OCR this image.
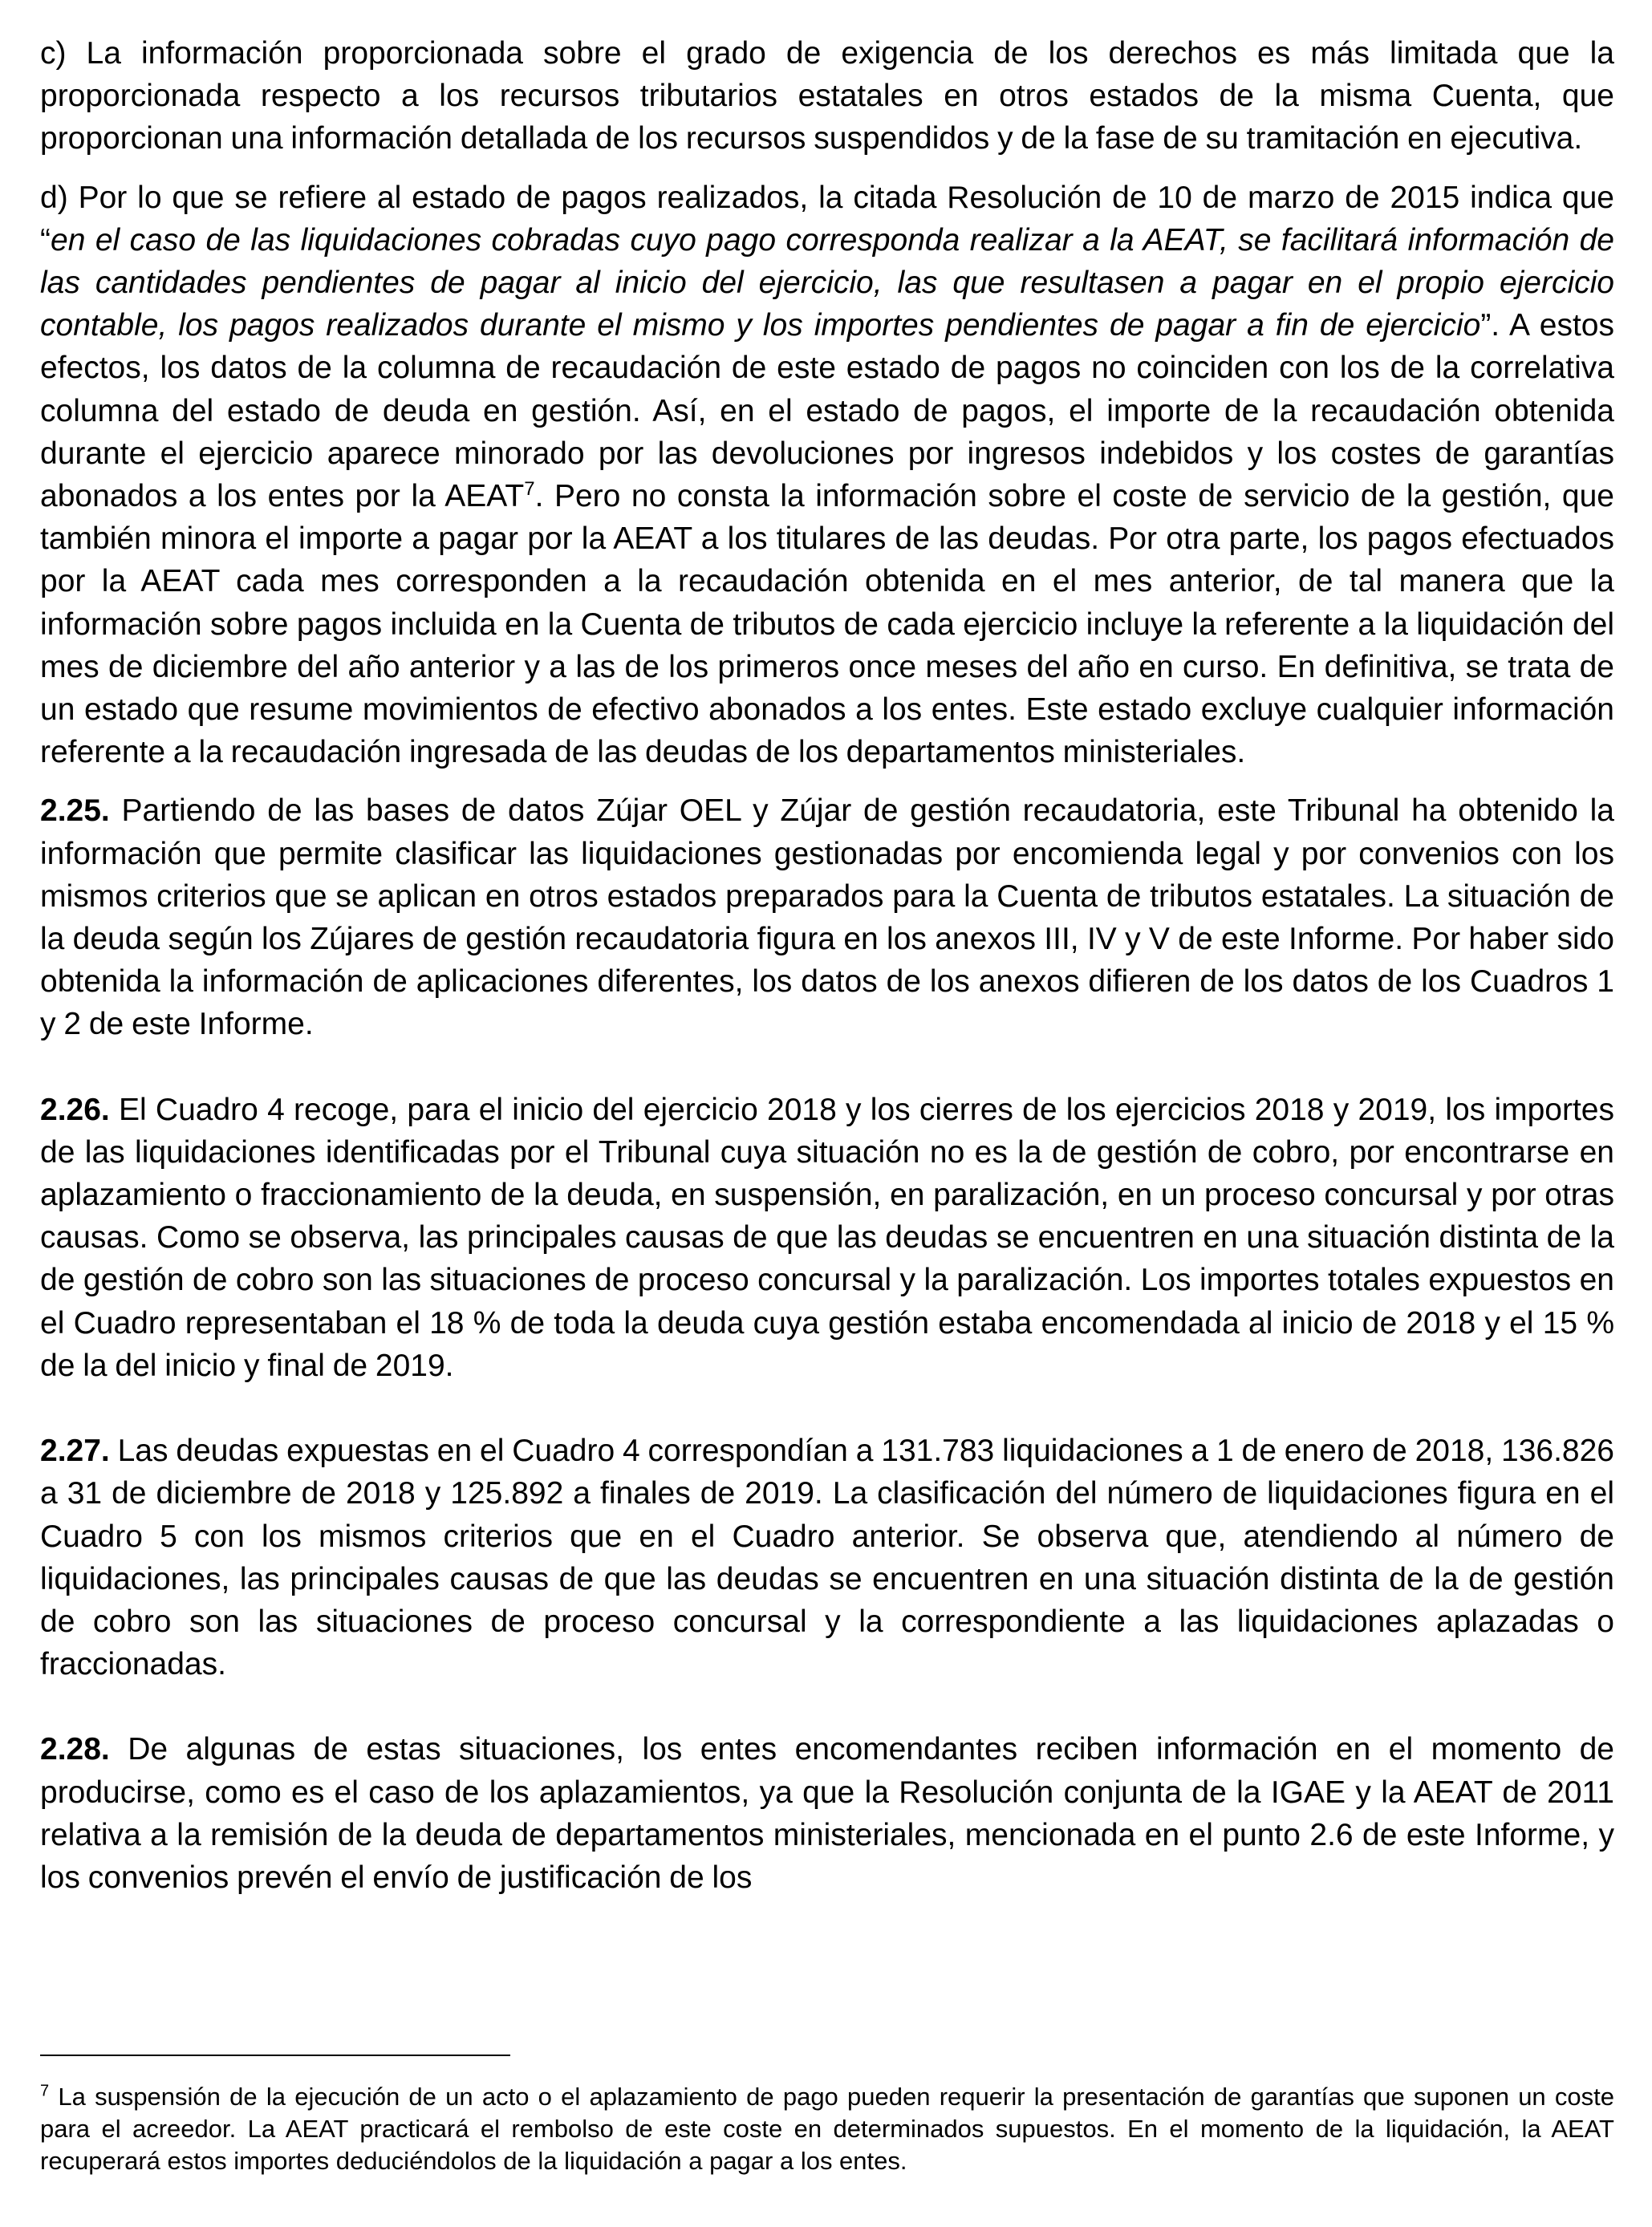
c) La información proporcionada sobre el grado de exigencia de los derechos es más limitada que la proporcionada respecto a los recursos tributarios estatales en otros estados de la misma Cuenta, que proporcionan una información detallada de los recursos suspendidos y de la fase de su tramitación en ejecutiva.

d) Por lo que se refiere al estado de pagos realizados, la citada Resolución de 10 de marzo de 2015 indica que “en el caso de las liquidaciones cobradas cuyo pago corresponda realizar a la AEAT, se facilitará información de las cantidades pendientes de pagar al inicio del ejercicio, las que resultasen a pagar en el propio ejercicio contable, los pagos realizados durante el mismo y los importes pendientes de pagar a fin de ejercicio”. A estos efectos, los datos de la columna de recaudación de este estado de pagos no coinciden con los de la correlativa columna del estado de deuda en gestión. Así, en el estado de pagos, el importe de la recaudación obtenida durante el ejercicio aparece minorado por las devoluciones por ingresos indebidos y los costes de garantías abonados a los entes por la AEAT$^7$. Pero no consta la información sobre el coste de servicio de la gestión, que también minora el importe a pagar por la AEAT a los titulares de las deudas. Por otra parte, los pagos efectuados por la AEAT cada mes corresponden a la recaudación obtenida en el mes anterior, de tal manera que la información sobre pagos incluida en la Cuenta de tributos de cada ejercicio incluye la referente a la liquidación del mes de diciembre del año anterior y a las de los primeros once meses del año en curso. En definitiva, se trata de un estado que resume movimientos de efectivo abonados a los entes. Este estado excluye cualquier información referente a la recaudación ingresada de las deudas de los departamentos ministeriales.

2.25. Partiendo de las bases de datos Zújar OEL y Zújar de gestión recaudatoria, este Tribunal ha obtenido la información que permite clasificar las liquidaciones gestionadas por encomienda legal y por convenios con los mismos criterios que se aplican en otros estados preparados para la Cuenta de tributos estatales. La situación de la deuda según los Zújares de gestión recaudatoria figura en los anexos III, IV y V de este Informe. Por haber sido obtenida la información de aplicaciones diferentes, los datos de los anexos difieren de los datos de los Cuadros 1 y 2 de este Informe.

2.26. El Cuadro 4 recoge, para el inicio del ejercicio 2018 y los cierres de los ejercicios 2018 y 2019, los importes de las liquidaciones identificadas por el Tribunal cuya situación no es la de gestión de cobro, por encontrarse en aplazamiento o fraccionamiento de la deuda, en suspensión, en paralización, en un proceso concursal y por otras causas. Como se observa, las principales causas de que las deudas se encuentren en una situación distinta de la de gestión de cobro son las situaciones de proceso concursal y la paralización. Los importes totales expuestos en el Cuadro representaban el 18 % de toda la deuda cuya gestión estaba encomendada al inicio de 2018 y el 15 % de la del inicio y final de 2019.

2.27. Las deudas expuestas en el Cuadro 4 correspondían a 131.783 liquidaciones a 1 de enero de 2018, 136.826 a 31 de diciembre de 2018 y 125.892 a finales de 2019. La clasificación del número de liquidaciones figura en el Cuadro 5 con los mismos criterios que en el Cuadro anterior. Se observa que, atendiendo al número de liquidaciones, las principales causas de que las deudas se encuentren en una situación distinta de la de gestión de cobro son las situaciones de proceso concursal y la correspondiente a las liquidaciones aplazadas o fraccionadas.

2.28. De algunas de estas situaciones, los entes encomendantes reciben información en el momento de producirse, como es el caso de los aplazamientos, ya que la Resolución conjunta de la IGAE y la AEAT de 2011 relativa a la remisión de la deuda de departamentos ministeriales, mencionada en el punto 2.6 de este Informe, y los convenios prevén el envío de justificación de los

$^7$ La suspensión de la ejecución de un acto o el aplazamiento de pago pueden requerir la presentación de garantías que suponen un coste para el acreedor. La AEAT practicará el rembolso de este coste en determinados supuestos. En el momento de la liquidación, la AEAT recuperará estos importes deduciéndolos de la liquidación a pagar a los entes.
